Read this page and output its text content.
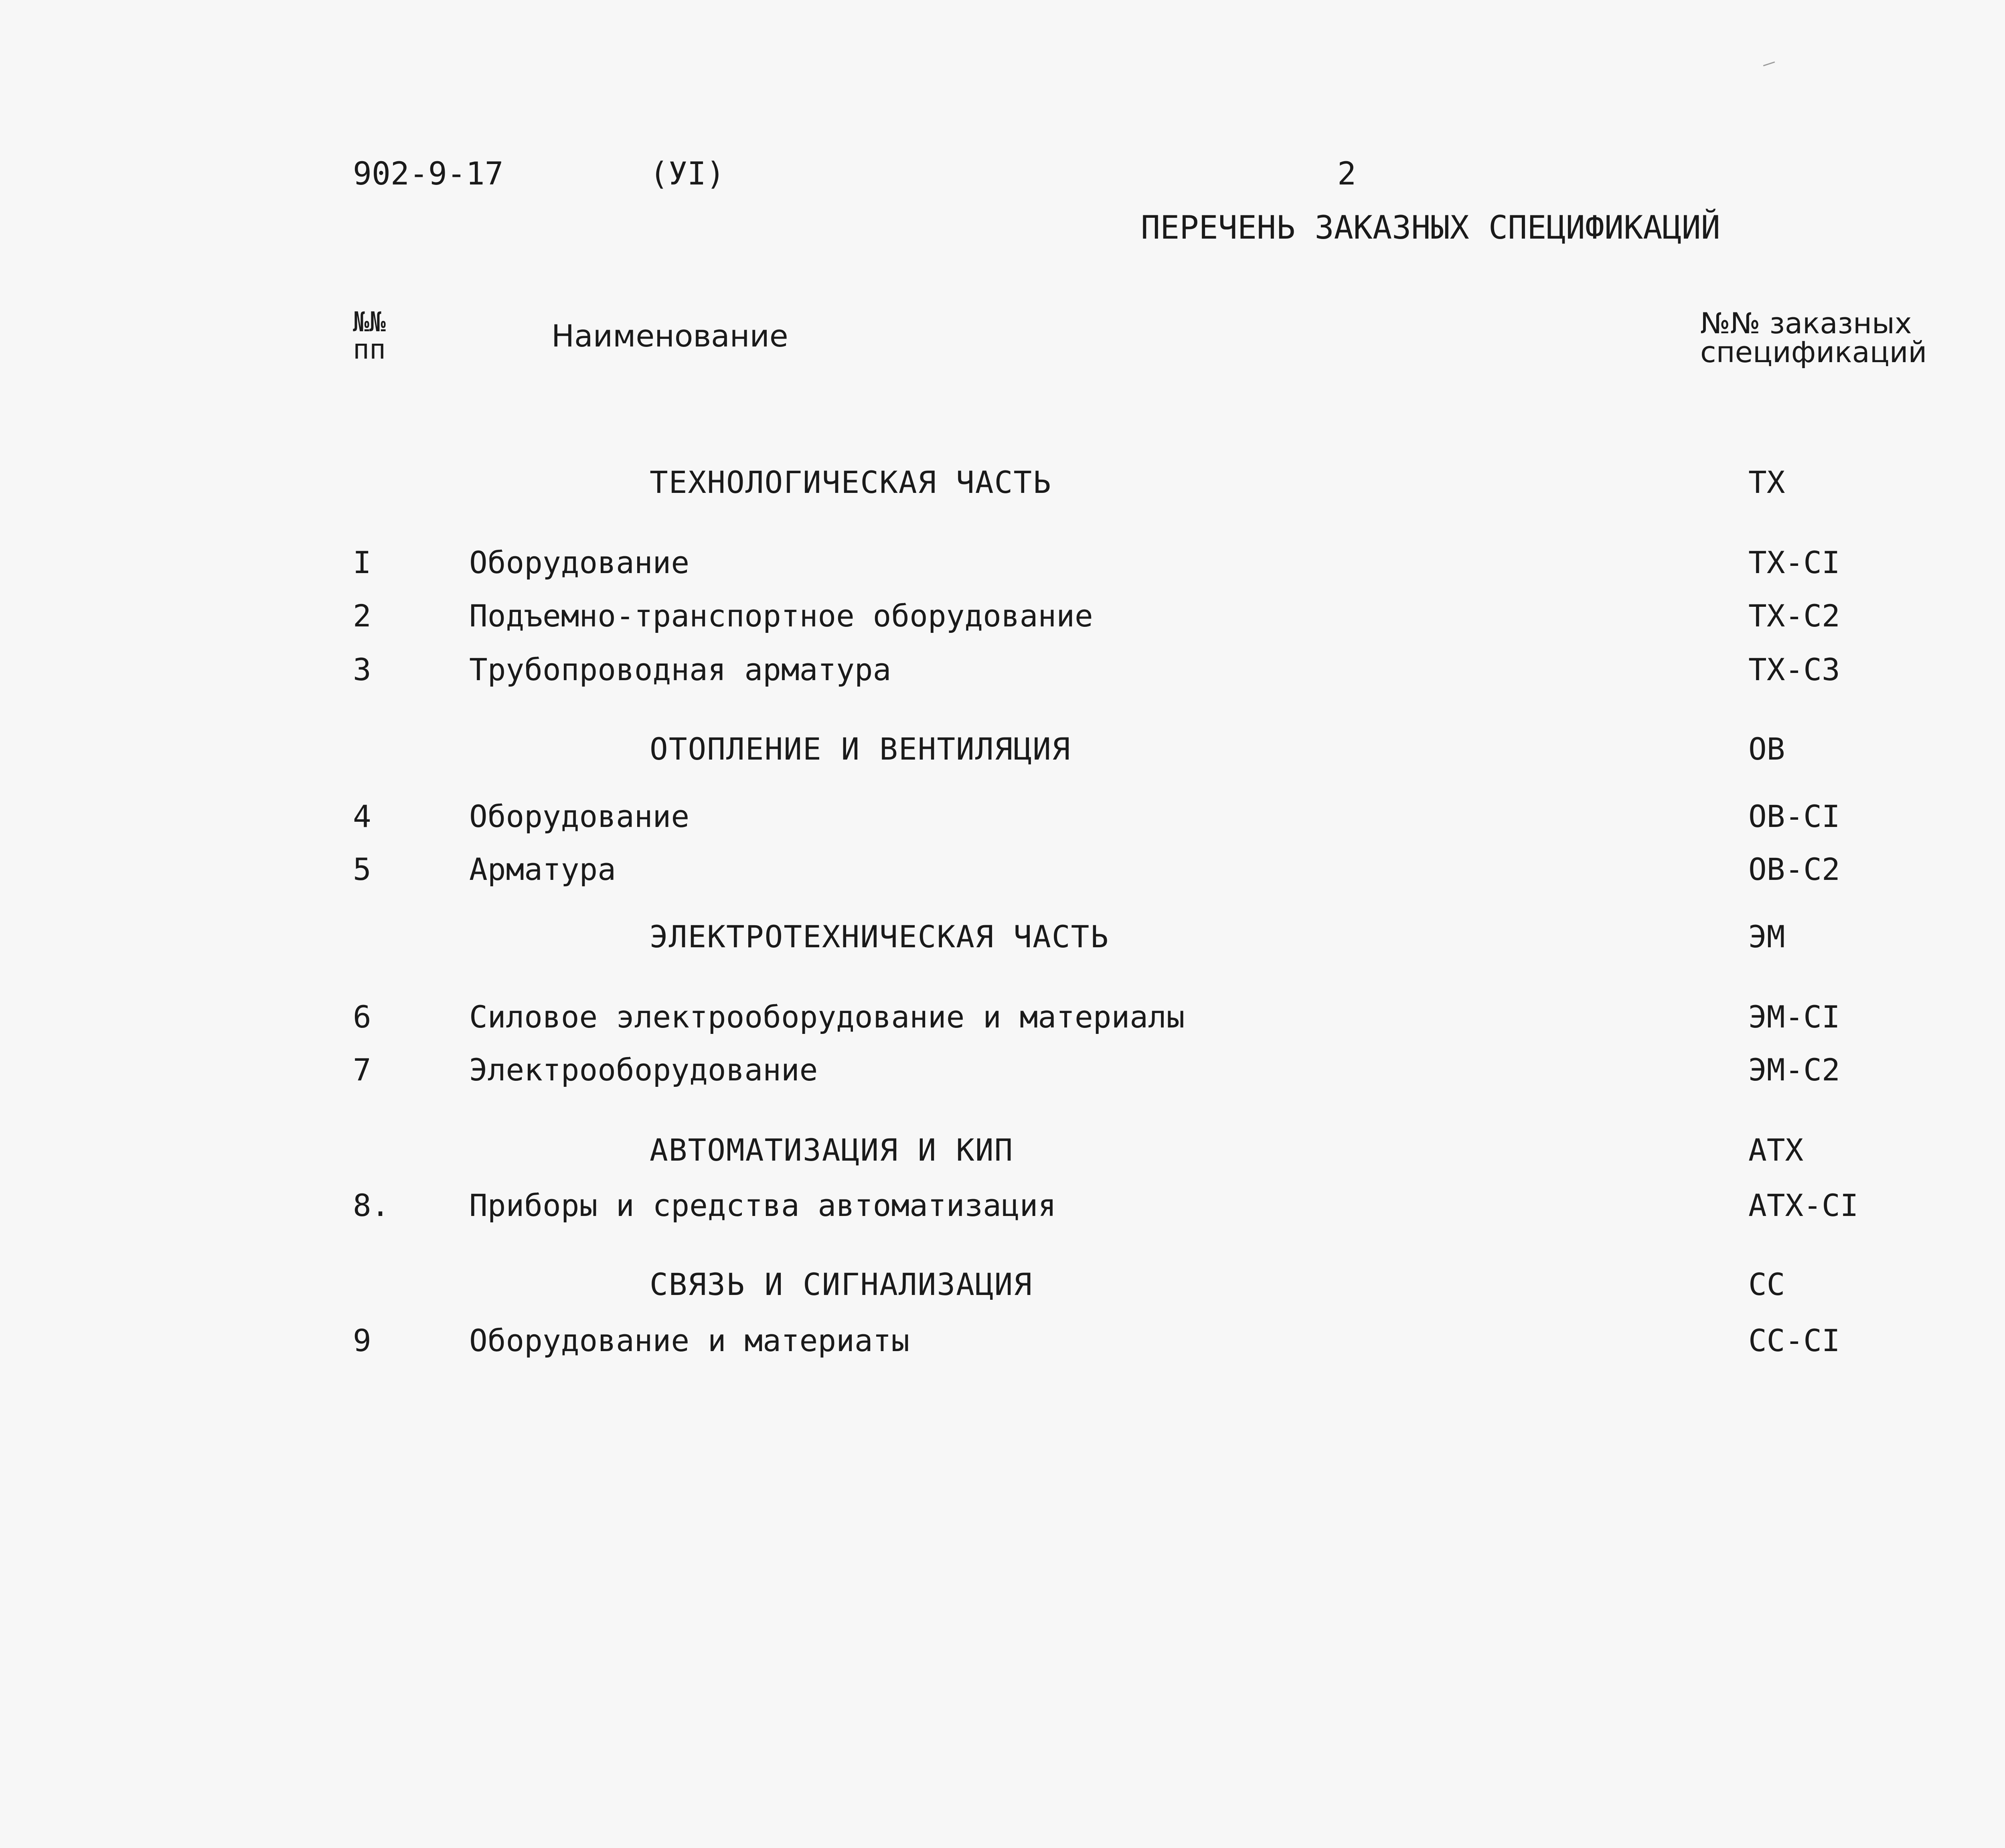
902-9-17	(УI)	2
ПЕРЕЧЕНЬ ЗАКАЗНЫХ СПЕЦИФИКАЦИЙ
№№
пп	Наименование	№№ заказных
спецификаций
ТЕХНОЛОГИЧЕСКАЯ ЧАСТЬ	ТХ
I	Оборудование	ТХ-СI
2	Подъемно-транспортное оборудование	ТХ-С2
3	Трубопроводная арматура	ТХ-С3
ОТОПЛЕНИЕ И ВЕНТИЛЯЦИЯ	ОВ
4	Оборудование	ОВ-СI
5	Арматура	ОВ-С2
ЭЛЕКТРОТЕХНИЧЕСКАЯ ЧАСТЬ	ЭМ
6	Силовое электрооборудование и материалы	ЭМ-СI
7	Электрооборудование	ЭМ-С2
АВТОМАТИЗАЦИЯ И КИП	АТХ
8.	Приборы и средства автоматизация	АТХ-СI
СВЯЗЬ И СИГНАЛИЗАЦИЯ	СС
9	Оборудование и материаты	СС-СI
